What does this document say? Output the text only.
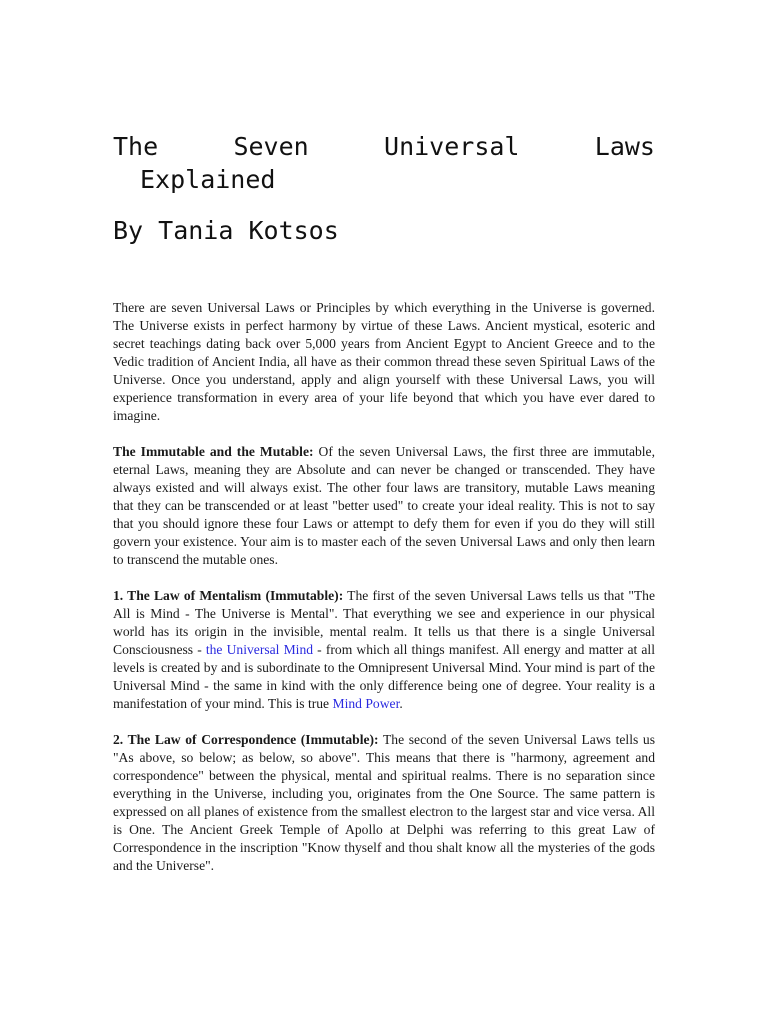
The	Seven	Universal	Laws
Explained
By Tania Kotsos

There are seven Universal Laws or Principles by which everything in the Universe is governed. The Universe exists in perfect harmony by virtue of these Laws. Ancient mystical, esoteric and secret teachings dating back over 5,000 years from Ancient Egypt to Ancient Greece and to the Vedic tradition of Ancient India, all have as their common thread these seven Spiritual Laws of the Universe. Once you understand, apply and align yourself with these Universal Laws, you will experience transformation in every area of your life beyond that which you have ever dared to imagine.

The Immutable and the Mutable: Of the seven Universal Laws, the first three are immutable, eternal Laws, meaning they are Absolute and can never be changed or transcended. They have always existed and will always exist. The other four laws are transitory, mutable Laws meaning that they can be transcended or at least "better used" to create your ideal reality. This is not to say that you should ignore these four Laws or attempt to defy them for even if you do they will still govern your existence. Your aim is to master each of the seven Universal Laws and only then learn to transcend the mutable ones.

1. The Law of Mentalism (Immutable): The first of the seven Universal Laws tells us that "The All is Mind - The Universe is Mental". That everything we see and experience in our physical world has its origin in the invisible, mental realm. It tells us that there is a single Universal Consciousness - the Universal Mind - from which all things manifest. All energy and matter at all levels is created by and is subordinate to the Omnipresent Universal Mind. Your mind is part of the Universal Mind - the same in kind with the only difference being one of degree. Your reality is a manifestation of your mind. This is true Mind Power.

2. The Law of Correspondence (Immutable): The second of the seven Universal Laws tells us "As above, so below; as below, so above". This means that there is "harmony, agreement and correspondence" between the physical, mental and spiritual realms. There is no separation since everything in the Universe, including you, originates from the One Source. The same pattern is expressed on all planes of existence from the smallest electron to the largest star and vice versa. All is One. The Ancient Greek Temple of Apollo at Delphi was referring to this great Law of Correspondence in the inscription "Know thyself and thou shalt know all the mysteries of the gods and the Universe".
